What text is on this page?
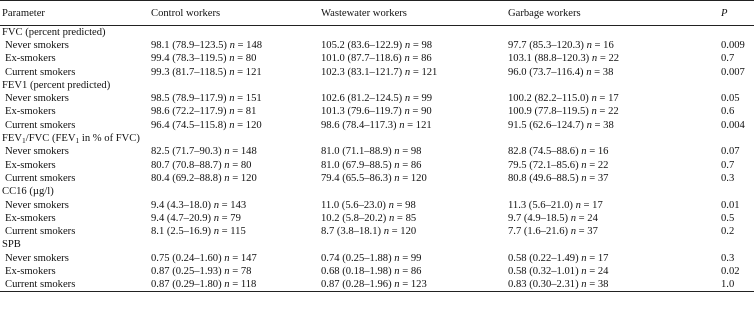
Parameter	Control workers	Wastewater workers	Garbage workers	P
FVC (percent predicted)				
Never smokers	98.1 (78.9–123.5) n = 148	105.2 (83.6–122.9) n = 98	97.7 (85.3–120.3) n = 16	0.009
Ex-smokers	99.4 (78.3–119.5) n = 80	101.0 (87.7–118.6) n = 86	103.1 (88.8–120.3) n = 22	0.7
Current smokers	99.3 (81.7–118.5) n = 121	102.3 (83.1–121.7) n = 121	96.0 (73.7–116.4) n = 38	0.007
FEV1 (percent predicted)				
Never smokers	98.5 (78.9–117.9) n = 151	102.6 (81.2–124.5) n = 99	100.2 (82.2–115.0) n = 17	0.05
Ex-smokers	98.6 (72.2–117.9) n = 81	101.3 (79.6–119.7) n = 90	100.9 (77.8–119.5) n = 22	0.6
Current smokers	96.4 (74.5–115.8) n = 120	98.6 (78.4–117.3) n = 121	91.5 (62.6–124.7) n = 38	0.004
$FEV_1$/FVC ($FEV_1$ in % of FVC)				
Never smokers	82.5 (71.7–90.3) n = 148	81.0 (71.1–88.9) n = 98	82.8 (74.5–88.6) n = 16	0.07
Ex-smokers	80.7 (70.8–88.7) n = 80	81.0 (67.9–88.5) n = 86	79.5 (72.1–85.6) n = 22	0.7
Current smokers	80.4 (69.2–88.8) n = 120	79.4 (65.5–86.3) n = 120	80.8 (49.6–88.5) n = 37	0.3
CC16 (µg/l)				
Never smokers	9.4 (4.3–18.0) n = 143	11.0 (5.6–23.0) n = 98	11.3 (5.6–21.0) n = 17	0.01
Ex-smokers	9.4 (4.7–20.9) n = 79	10.2 (5.8–20.2) n = 85	9.7 (4.9–18.5) n = 24	0.5
Current smokers	8.1 (2.5–16.9) n = 115	8.7 (3.8–18.1) n = 120	7.7 (1.6–21.6) n = 37	0.2
SPB				
Never smokers	0.75 (0.24–1.60) n = 147	0.74 (0.25–1.88) n = 99	0.58 (0.22–1.49) n = 17	0.3
Ex-smokers	0.87 (0.25–1.93) n = 78	0.68 (0.18–1.98) n = 86	0.58 (0.32–1.01) n = 24	0.02
Current smokers	0.87 (0.29–1.80) n = 118	0.87 (0.28–1.96) n = 123	0.83 (0.30–2.31) n = 38	1.0
